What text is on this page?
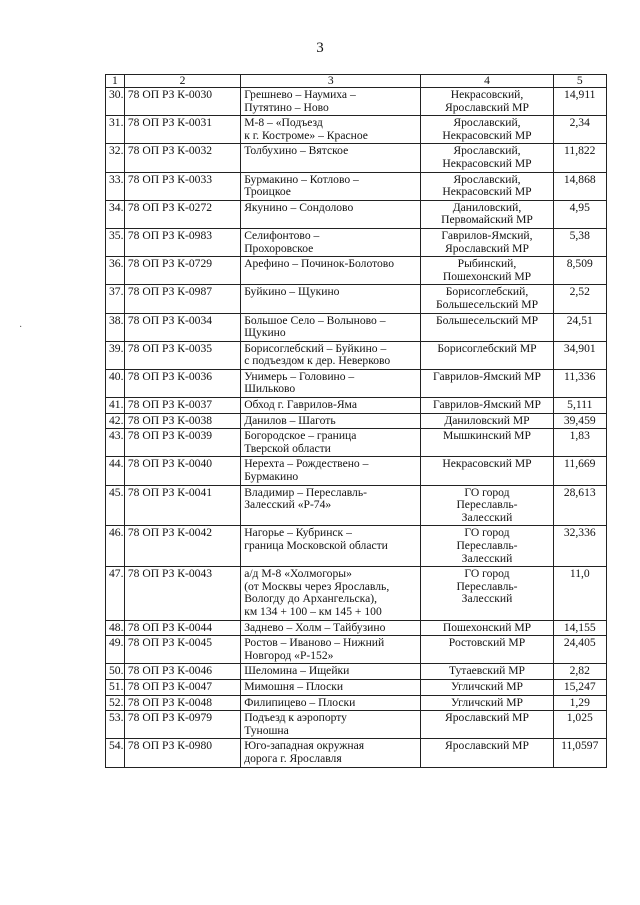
3
·
1	2	3	4	5
30.	78 ОП РЗ К-0030	Грешнево – Наумиха –
Путятино – Ново	Некрасовский,
Ярославский МР	14,911
31.	78 ОП РЗ К-0031	М-8 – «Подъезд
к г. Костроме» – Красное	Ярославский,
Некрасовский МР	2,34
32.	78 ОП РЗ К-0032	Толбухино – Вятское	Ярославский,
Некрасовский МР	11,822
33.	78 ОП РЗ К-0033	Бурмакино – Котлово –
Троицкое	Ярославский,
Некрасовский МР	14,868
34.	78 ОП РЗ К-0272	Якунино – Сондолово	Даниловский,
Первомайский МР	4,95
35.	78 ОП РЗ К-0983	Селифонтово –
Прохоровское	Гаврилов-Ямский,
Ярославский МР	5,38
36.	78 ОП РЗ К-0729	Арефино – Починок-Болотово	Рыбинский,
Пошехонский МР	8,509
37.	78 ОП РЗ К-0987	Буйкино – Щукино	Борисоглебский,
Большесельский МР	2,52
38.	78 ОП РЗ К-0034	Большое Село – Волыново –
Щукино	Большесельский МР	24,51
39.	78 ОП РЗ К-0035	Борисоглебский – Буйкино –
с подъездом к дер. Неверково	Борисоглебский МР	34,901
40.	78 ОП РЗ К-0036	Унимерь – Головино –
Шильково	Гаврилов-Ямский МР	11,336
41.	78 ОП РЗ К-0037	Обход г. Гаврилов-Яма	Гаврилов-Ямский МР	5,111
42.	78 ОП РЗ К-0038	Данилов – Шаготь	Даниловский МР	39,459
43.	78 ОП РЗ К-0039	Богородское – граница
Тверской области	Мышкинский МР	1,83
44.	78 ОП РЗ К-0040	Нерехта – Рождествено –
Бурмакино	Некрасовский МР	11,669
45.	78 ОП РЗ К-0041	Владимир – Переславль-
Залесский «Р-74»	ГО город
Переславль-
Залесский	28,613
46.	78 ОП РЗ К-0042	Нагорье – Кубринск –
граница Московской области	ГО город
Переславль-
Залесский	32,336
47.	78 ОП РЗ К-0043	а/д М-8 «Холмогоры»
(от Москвы через Ярославль,
Вологду до Архангельска),
км 134 + 100 – км 145 + 100	ГО город
Переславль-
Залесский	11,0
48.	78 ОП РЗ К-0044	Заднево – Холм – Тайбузино	Пошехонский МР	14,155
49.	78 ОП РЗ К-0045	Ростов – Иваново – Нижний
Новгород «Р-152»	Ростовский МР	24,405
50.	78 ОП РЗ К-0046	Шеломина – Ищейки	Тутаевский МР	2,82
51.	78 ОП РЗ К-0047	Мимошня – Плоски	Угличский МР	15,247
52.	78 ОП РЗ К-0048	Филипицево – Плоски	Угличский МР	1,29
53.	78 ОП РЗ К-0979	Подъезд к аэропорту
Туношна	Ярославский МР	1,025
54.	78 ОП РЗ К-0980	Юго-западная окружная
дорога г. Ярославля	Ярославский МР	11,0597
